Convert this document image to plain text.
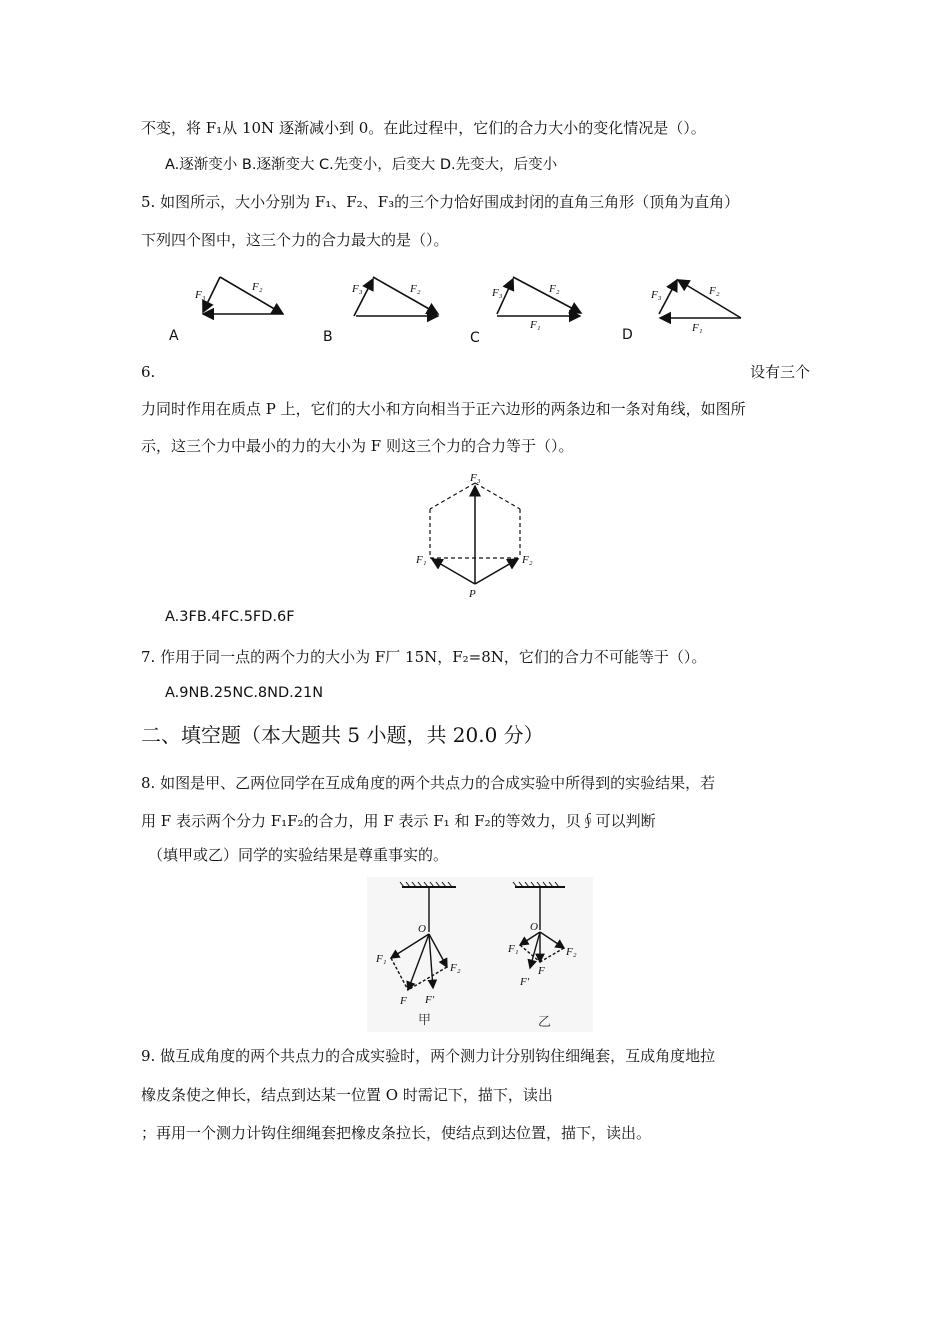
不变，将 F₁从 10N 逐渐减小到 0。在此过程中，它们的合力大小的变化情况是（）。
A.逐渐变小 B.逐渐变大 C.先变小，后变大 D.先变大，后变小
5. 如图所示，大小分别为 F₁、F₂、F₃的三个力恰好围成封闭的直角三角形（顶角为直角）
下列四个图中，这三个力的合力最大的是（）。
F₃
F₂	F₃	F₂	F₃	F₂
F₁
F₃	F₂
F₁
A	B	C	D
6.	设有三个
力同时作用在质点 P 上，它们的大小和方向相当于正六边形的两条边和一条对角线，如图所
示，这三个力中最小的力的大小为 F 则这三个力的合力等于（）。
F₃
F₁	F₂
P
A.3FB.4FC.5FD.6F
7. 作用于同一点的两个力的大小为 F厂 15N，F₂=8N，它们的合力不可能等于（）。
A.9NB.25NC.8ND.21N
二、填空题（本大题共 5 小题，共 20.0 分）
8. 如图是甲、乙两位同学在互成角度的两个共点力的合成实验中所得到的实验结果，若
用 F 表示两个分力 F₁F₂的合力，用 F 表示 F₁ 和 F₂的等效力，贝∮可以判断
（填甲或乙）同学的实验结果是尊重事实的。
O
F₁
F₂
F F'
O
F₁	F₂
F
F'
甲	乙
9. 做互成角度的两个共点力的合成实验时，两个测力计分别钩住细绳套，互成角度地拉
橡皮条使之伸长，结点到达某一位置 O 时需记下，描下，读出
；再用一个测力计钩住细绳套把橡皮条拉长，使结点到达位置，描下，读出。
